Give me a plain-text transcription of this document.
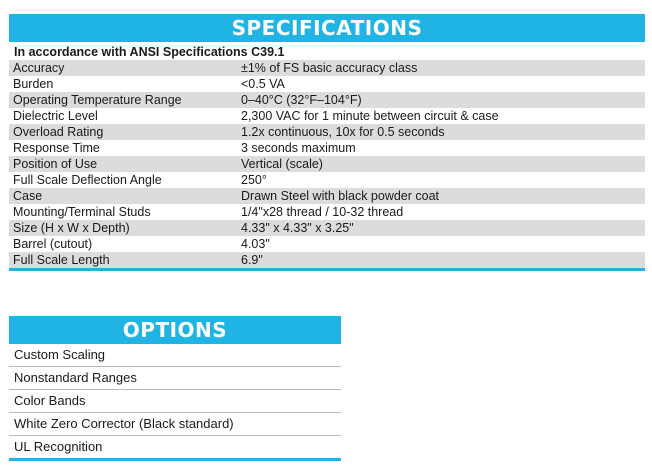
SPECIFICATIONS
In accordance with ANSI Specifications C39.1
Accuracy	±1% of FS basic accuracy class
Burden	<0.5 VA
Operating Temperature Range	0–40°C (32°F–104°F)
Dielectric Level	2,300 VAC for 1 minute between circuit & case
Overload Rating	1.2x continuous, 10x for 0.5 seconds
Response Time	3 seconds maximum
Position of Use	Vertical (scale)
Full Scale Deflection Angle	250°
Case	Drawn Steel with black powder coat
Mounting/Terminal Studs	1/4"x28 thread / 10-32 thread
Size (H x W x Depth)	4.33" x 4.33" x 3.25"
Barrel (cutout)	4.03"
Full Scale Length	6.9"
OPTIONS
Custom Scaling
Nonstandard Ranges
Color Bands
White Zero Corrector (Black standard)
UL Recognition
